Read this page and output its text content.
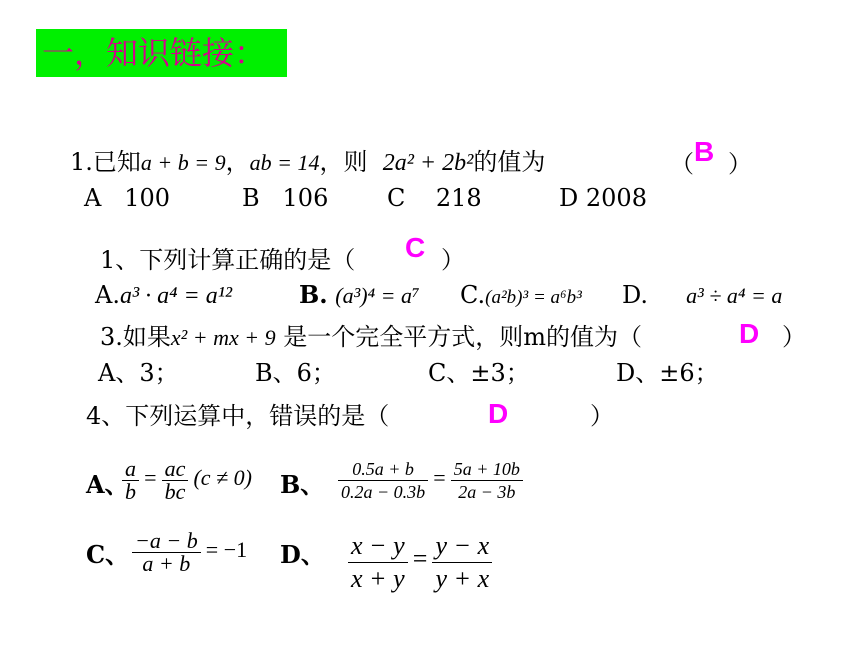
一，知识链接：
1.已知a + b = 9，ab = 14，则 2a² + 2b²的值为	（ B ）
A 100	B 106 C 218	D 2008
1、下列计算正确的是（ C ）
A.a³ · a⁴ = a¹²	B. (a³)⁴ = a⁷ C.(a²b)³ = a⁶b³ D. a³ ÷ a⁴ = a
3.如果x² + mx + 9 是一个完全平方式，则m的值为（	D ）
A、3；	B、6；	C、±3；	D、±6；
4、下列运算中，错误的是（	D	）
A、
$\frac{a}{b} = \frac{ac}{bc} (c \ne 0)$ B、 $\frac{0.5a + b}{0.2a - 0.3b} = \frac{5a + 10b}{2a - 3b}$
C、 $\frac{-a - b}{a + b} = -1$ D、 $\frac{x - y}{x + y} = \frac{y - x}{y + x}$
